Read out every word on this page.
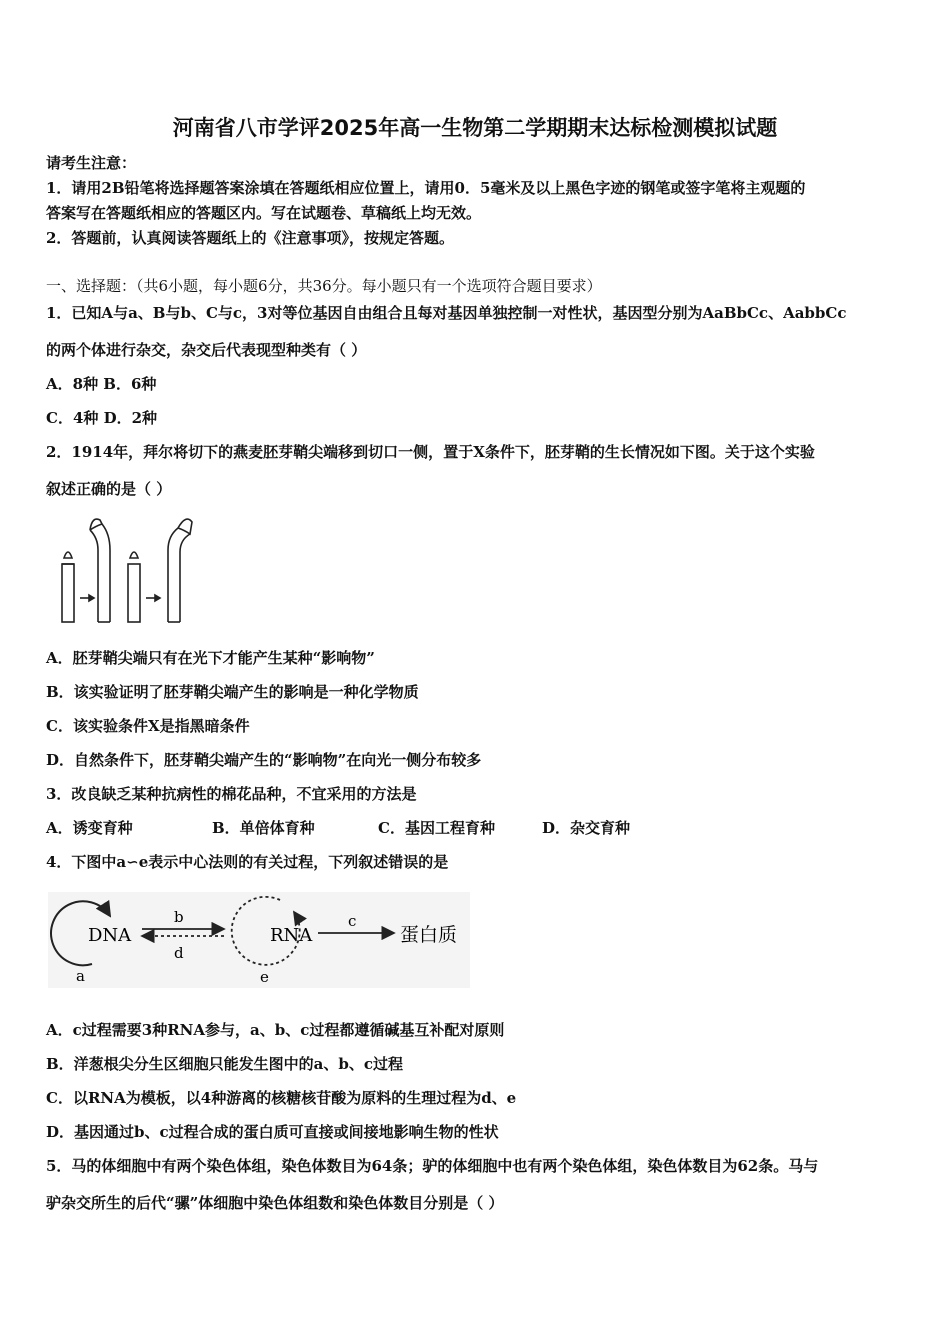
河南省八市学评2025年高一生物第二学期期末达标检测模拟试题
请考生注意：
1．请用2B铅笔将选择题答案涂填在答题纸相应位置上，请用0．5毫米及以上黑色字迹的钢笔或签字笔将主观题的
答案写在答题纸相应的答题区内。写在试题卷、草稿纸上均无效。
2．答题前，认真阅读答题纸上的《注意事项》，按规定答题。
一、选择题：（共6小题，每小题6分，共36分。每小题只有一个选项符合题目要求）
1．已知A与a、B与b、C与c，3对等位基因自由组合且每对基因单独控制一对性状，基因型分别为AaBbCc、AabbCc
的两个体进行杂交，杂交后代表现型种类有（ ）
A．8种 B．6种
C．4种 D．2种
2．1914年，拜尔将切下的燕麦胚芽鞘尖端移到切口一侧，置于X条件下，胚芽鞘的生长情况如下图。关于这个实验
叙述正确的是（ ）
A．胚芽鞘尖端只有在光下才能产生某种“影响物”
B．该实验证明了胚芽鞘尖端产生的影响是一种化学物质
C．该实验条件X是指黑暗条件
D．自然条件下，胚芽鞘尖端产生的“影响物”在向光一侧分布较多
3．改良缺乏某种抗病性的棉花品种，不宜采用的方法是
A．诱变育种	B．单倍体育种	C．基因工程育种	D．杂交育种
4．下图中a∽e表示中心法则的有关过程，下列叙述错误的是
DNA
a
b
d
RNA
e
c
蛋白质
A．c过程需要3种RNA参与，a、b、c过程都遵循碱基互补配对原则
B．洋葱根尖分生区细胞只能发生图中的a、b、c过程
C．以RNA为模板，以4种游离的核糖核苷酸为原料的生理过程为d、e
D．基因通过b、c过程合成的蛋白质可直接或间接地影响生物的性状
5．马的体细胞中有两个染色体组，染色体数目为64条；驴的体细胞中也有两个染色体组，染色体数目为62条。马与
驴杂交所生的后代“骡”体细胞中染色体组数和染色体数目分别是（ ）
